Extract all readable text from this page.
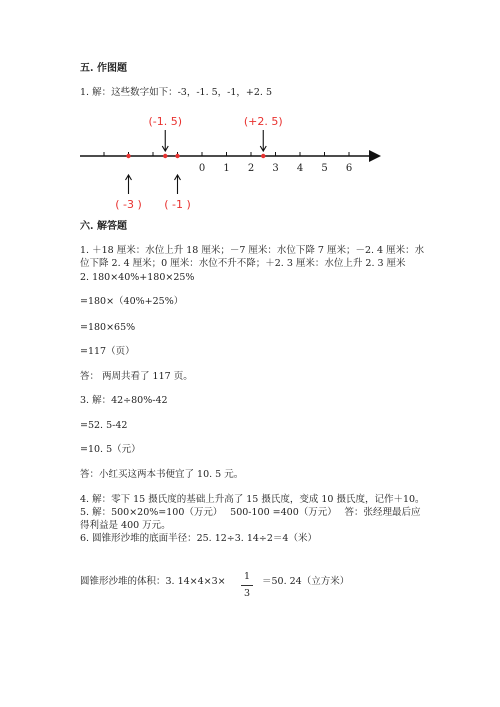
五. 作图题
1. 解：这些数字如下：-3，-1. 5，-1，+2. 5
0 1 2 3 4 5 6
(-1. 5)	(+2. 5)
( -3 ) ( -1 )
六. 解答题
1. ＋18 厘米：水位上升 18 厘米；－7 厘米：水位下降 7 厘米；－2. 4 厘米：水
位下降 2. 4 厘米；0 厘米：水位不升不降；＋2. 3 厘米：水位上升 2. 3 厘米
2. 180×40%+180×25%
=180×（40%+25%）
=180×65%
=117（页）
答： 两周共看了 117 页。
3. 解：42÷80%-42
=52. 5-42
=10. 5（元）
答：小红买这两本书便宜了 10. 5 元。
4. 解：零下 15 摄氏度的基础上升高了 15 摄氏度，变成 10 摄氏度，记作＋10。
5. 解：500×20%=100（万元）　 500-100 =400（万元）　 答：张经理最后应
得利益是 400 万元。
6. 圆锥形沙堆的底面半径：25. 12÷3. 14÷2＝4（米）
圆锥形沙堆的体积：3. 14×4×3×	1
3
＝50. 24（立方米）
